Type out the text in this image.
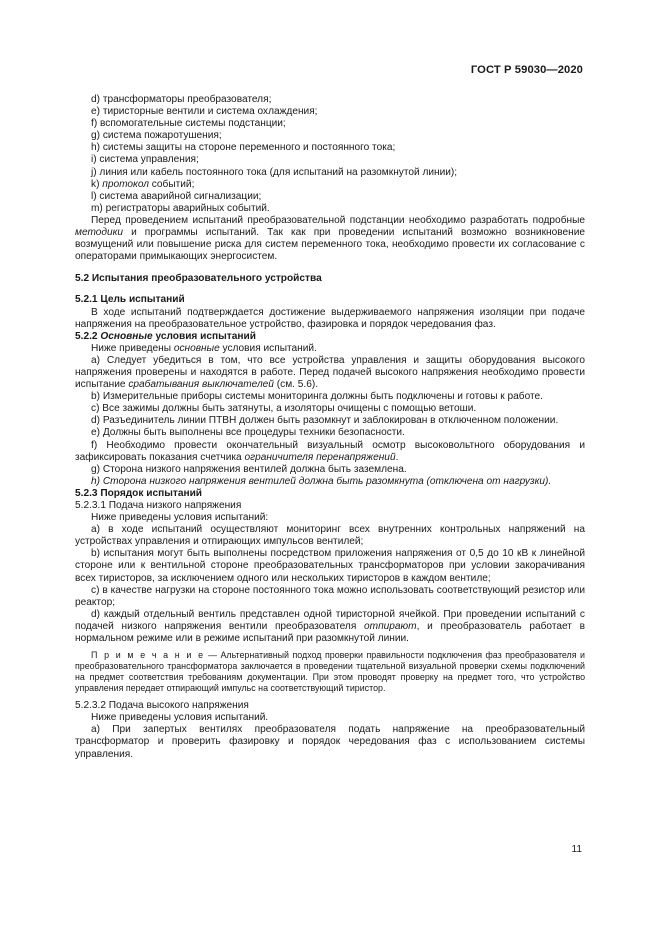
ГОСТ Р 59030—2020

d) трансформаторы преобразователя;

e) тиристорные вентили и система охлаждения;

f) вспомогательные системы подстанции;

g) система пожаротушения;

h) системы защиты на стороне переменного и постоянного тока;

i) система управления;

j) линия или кабель постоянного тока (для испытаний на разомкнутой линии);

k) протокол событий;

l) система аварийной сигнализации;

m) регистраторы аварийных событий.

Перед проведением испытаний преобразовательной подстанции необходимо разработать подробные методики и программы испытаний. Так как при проведении испытаний возможно возникновение возмущений или повышение риска для систем переменного тока, необходимо провести их согласование с операторами примыкающих энергосистем.

5.2 Испытания преобразовательного устройства

5.2.1 Цель испытаний

В ходе испытаний подтверждается достижение выдерживаемого напряжения изоляции при подаче напряжения на преобразовательное устройство, фазировка и порядок чередования фаз.

5.2.2 Основные условия испытаний

Ниже приведены основные условия испытаний.

a) Следует убедиться в том, что все устройства управления и защиты оборудования высокого напряжения проверены и находятся в работе. Перед подачей высокого напряжения необходимо провести испытание срабатывания выключателей (см. 5.6).

b) Измерительные приборы системы мониторинга должны быть подключены и готовы к работе.

c) Все зажимы должны быть затянуты, а изоляторы очищены с помощью ветоши.

d) Разъединитель линии ПТВН должен быть разомкнут и заблокирован в отключенном положении.

e) Должны быть выполнены все процедуры техники безопасности.

f) Необходимо провести окончательный визуальный осмотр высоковольтного оборудования и зафиксировать показания счетчика ограничителя перенапряжений.

g) Сторона низкого напряжения вентилей должна быть заземлена.

h) Сторона низкого напряжения вентилей должна быть разомкнута (отключена от нагрузки).

5.2.3 Порядок испытаний

5.2.3.1 Подача низкого напряжения

Ниже приведены условия испытаний:

a) в ходе испытаний осуществляют мониторинг всех внутренних контрольных напряжений на устройствах управления и отпирающих импульсов вентилей;

b) испытания могут быть выполнены посредством приложения напряжения от 0,5 до 10 кВ к линейной стороне или к вентильной стороне преобразовательных трансформаторов при условии закорачивания всех тиристоров, за исключением одного или нескольких тиристоров в каждом вентиле;

c) в качестве нагрузки на стороне постоянного тока можно использовать соответствующий резистор или реактор;

d) каждый отдельный вентиль представлен одной тиристорной ячейкой. При проведении испытаний с подачей низкого напряжения вентили преобразователя отпирают, и преобразователь работает в нормальном режиме или в режиме испытаний при разомкнутой линии.

П р и м е ч а н и е — Альтернативный подход проверки правильности подключения фаз преобразователя и преобразовательного трансформатора заключается в проведении тщательной визуальной проверки схемы подключений на предмет соответствия требованиям документации. При этом проводят проверку на предмет того, что устройство управления передает отпирающий импульс на соответствующий тиристор.

5.2.3.2 Подача высокого напряжения

Ниже приведены условия испытаний.

a) При запертых вентилях преобразователя подать напряжение на преобразовательный трансформатор и проверить фазировку и порядок чередования фаз с использованием системы управления.

11
